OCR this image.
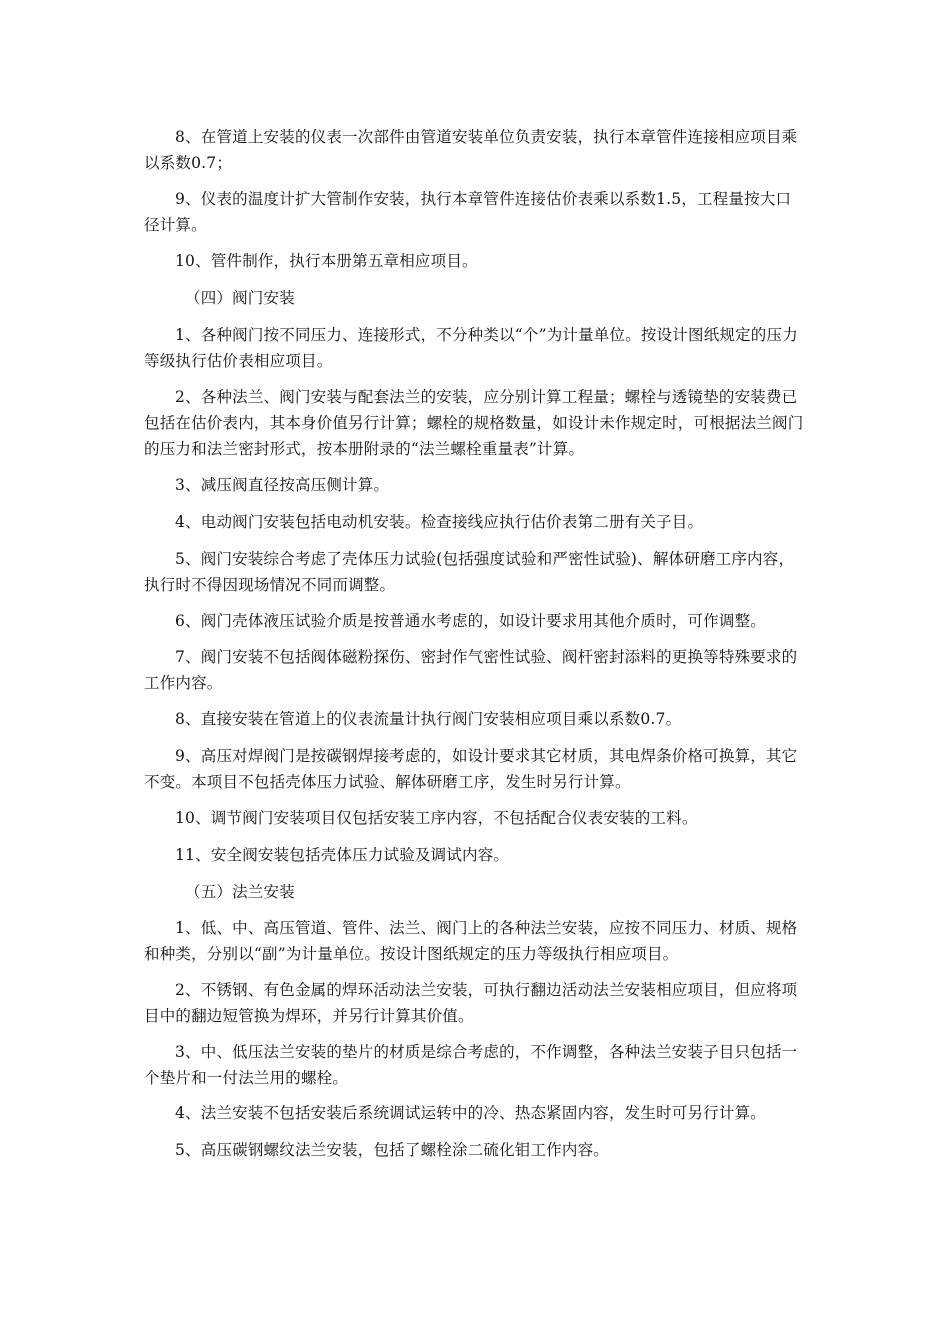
8、在管道上安装的仪表一次部件由管道安装单位负责安装，执行本章管件连接相应项目乘以系数0.7；

9、仪表的温度计扩大管制作安装，执行本章管件连接估价表乘以系数1.5，工程量按大口径计算。

10、管件制作，执行本册第五章相应项目。

（四）阀门安装

1、各种阀门按不同压力、连接形式，不分种类以“个”为计量单位。按设计图纸规定的压力等级执行估价表相应项目。

2、各种法兰、阀门安装与配套法兰的安装，应分别计算工程量；螺栓与透镜垫的安装费已包括在估价表内，其本身价值另行计算；螺栓的规格数量，如设计未作规定时，可根据法兰阀门的压力和法兰密封形式，按本册附录的“法兰螺栓重量表”计算。

3、减压阀直径按高压侧计算。

4、电动阀门安装包括电动机安装。检查接线应执行估价表第二册有关子目。

5、阀门安装综合考虑了壳体压力试验(包括强度试验和严密性试验)、解体研磨工序内容，执行时不得因现场情况不同而调整。

6、阀门壳体液压试验介质是按普通水考虑的，如设计要求用其他介质时，可作调整。

7、阀门安装不包括阀体磁粉探伤、密封作气密性试验、阀杆密封添料的更换等特殊要求的工作内容。

8、直接安装在管道上的仪表流量计执行阀门安装相应项目乘以系数0.7。

9、高压对焊阀门是按碳钢焊接考虑的，如设计要求其它材质，其电焊条价格可换算，其它不变。本项目不包括壳体压力试验、解体研磨工序，发生时另行计算。

10、调节阀门安装项目仅包括安装工序内容，不包括配合仪表安装的工料。

11、安全阀安装包括壳体压力试验及调试内容。

（五）法兰安装

1、低、中、高压管道、管件、法兰、阀门上的各种法兰安装，应按不同压力、材质、规格和种类，分别以“副”为计量单位。按设计图纸规定的压力等级执行相应项目。

2、不锈钢、有色金属的焊环活动法兰安装，可执行翻边活动法兰安装相应项目，但应将项目中的翻边短管换为焊环，并另行计算其价值。

3、中、低压法兰安装的垫片的材质是综合考虑的，不作调整，各种法兰安装子目只包括一个垫片和一付法兰用的螺栓。

4、法兰安装不包括安装后系统调试运转中的冷、热态紧固内容，发生时可另行计算。

5、高压碳钢螺纹法兰安装，包括了螺栓涂二硫化钼工作内容。
